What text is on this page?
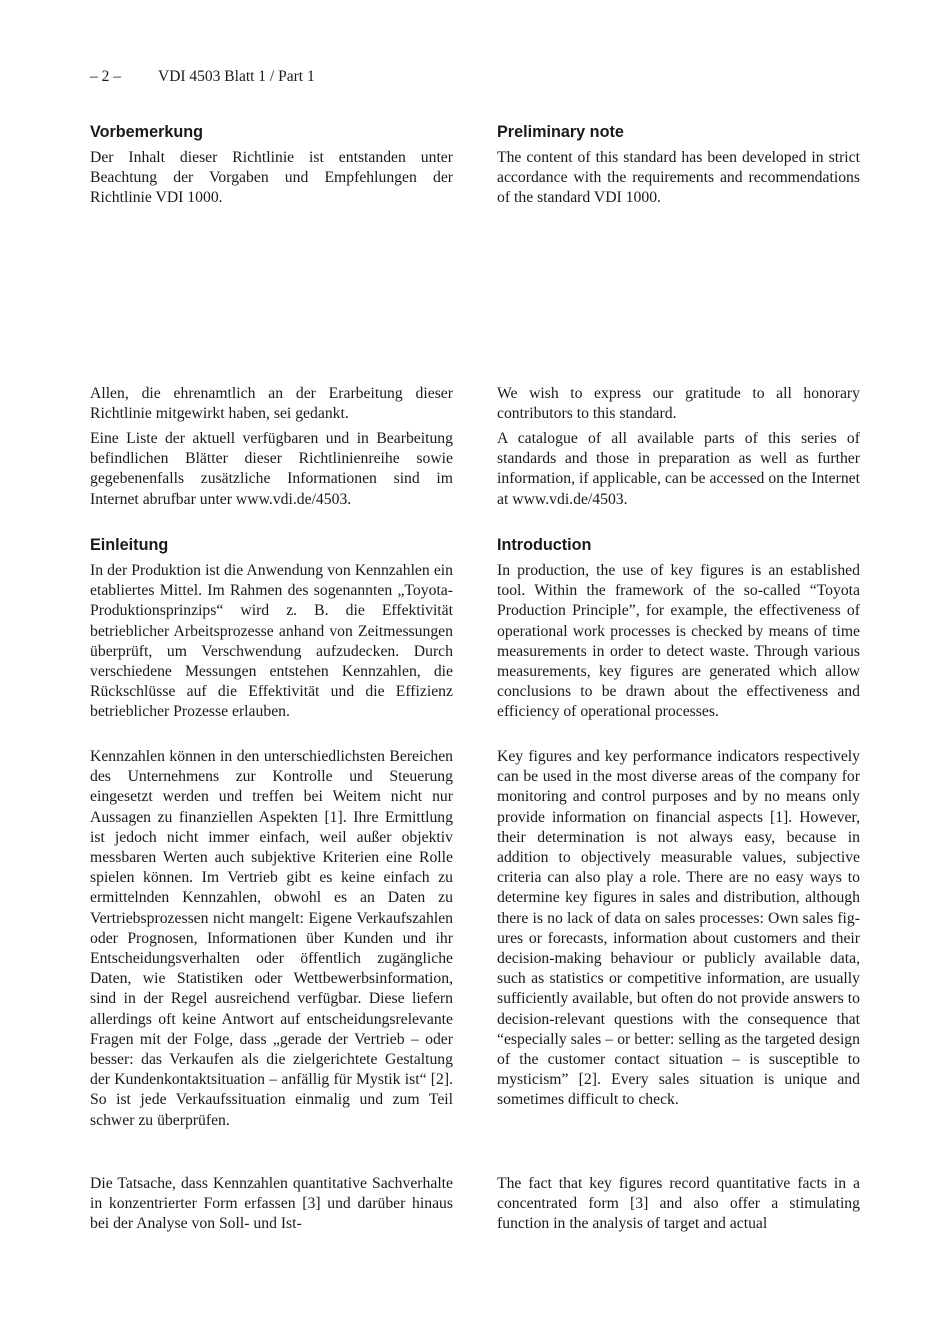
– 2 – VDI 4503 Blatt 1 / Part 1
Vorbemerkung

Der Inhalt dieser Richtlinie ist entstanden unter Beachtung der Vorgaben und Empfehlungen der Richtlinie VDI 1000.

Allen, die ehrenamtlich an der Erarbeitung dieser Richtlinie mitgewirkt haben, sei gedankt.

Eine Liste der aktuell verfügbaren und in Bearbeitung befindlichen Blätter dieser Richtlinienreihe sowie gegebenenfalls zusätzliche Informationen sind im Internet abrufbar unter www.vdi.de/4503.

Einleitung

In der Produktion ist die Anwendung von Kennzahlen ein etabliertes Mittel. Im Rahmen des sogenannten „Toyota-Produktionsprinzips“ wird z. B. die Effektivität betrieblicher Arbeitsprozesse anhand von Zeitmessungen überprüft, um Verschwendung aufzudecken. Durch verschiedene Messungen entstehen Kennzahlen, die Rückschlüsse auf die Effektivität und die Effizienz betrieblicher Prozesse erlauben.

Kennzahlen können in den unterschiedlichsten Bereichen des Unternehmens zur Kontrolle und Steuerung eingesetzt werden und treffen bei Weitem nicht nur Aussagen zu finanziellen Aspekten [1]. Ihre Ermittlung ist jedoch nicht immer einfach, weil außer objektiv messbaren Werten auch subjektive Kriterien eine Rolle spielen können. Im Vertrieb gibt es keine einfach zu ermittelnden Kennzahlen, obwohl es an Daten zu Vertriebsprozessen nicht mangelt: Eigene Verkaufszahlen oder Prognosen, Informationen über Kunden und ihr Entscheidungsverhalten oder öffentlich zugängliche Daten, wie Statistiken oder Wettbewerbsinformation, sind in der Regel ausreichend verfügbar. Diese liefern allerdings oft keine Antwort auf entscheidungsrelevante Fragen mit der Folge, dass „gerade der Vertrieb – oder besser: das Verkaufen als die zielgerichtete Gestaltung der Kundenkontaktsituation – anfällig für Mystik ist“ [2]. So ist jede Verkaufssituation einmalig und zum Teil schwer zu überprüfen.

Die Tatsache, dass Kennzahlen quantitative Sachverhalte in konzentrierter Form erfassen [3] und darüber hinaus bei der Analyse von Soll- und Ist-

Preliminary note

The content of this standard has been developed in strict accordance with the requirements and recommendations of the standard VDI 1000.

We wish to express our gratitude to all honorary contributors to this standard.

A catalogue of all available parts of this series of standards and those in preparation as well as further information, if applicable, can be accessed on the Internet at www.vdi.de/4503.

Introduction

In production, the use of key figures is an established tool. Within the framework of the so-called “Toyota Production Principle”, for example, the effectiveness of operational work processes is checked by means of time measurements in order to detect waste. Through various measurements, key figures are generated which allow conclusions to be drawn about the effectiveness and efficiency of operational processes.

Key figures and key performance indicators respectively can be used in the most diverse areas of the company for monitoring and control purposes and by no means only provide information on financial aspects [1]. However, their determination is not always easy, because in addition to objectively measurable values, subjective criteria can also play a role. There are no easy ways to determine key figures in sales and distribution, although there is no lack of data on sales processes: Own sales figures or forecasts, information about customers and their decision-making behaviour or publicly available data, such as statistics or competitive information, are usually sufficiently available, but often do not provide answers to decision-relevant questions with the consequence that “especially sales – or better: selling as the targeted design of the customer contact situation – is susceptible to mysticism” [2]. Every sales situation is unique and sometimes difficult to check.

The fact that key figures record quantitative facts in a concentrated form [3] and also offer a stimulating function in the analysis of target and actual
